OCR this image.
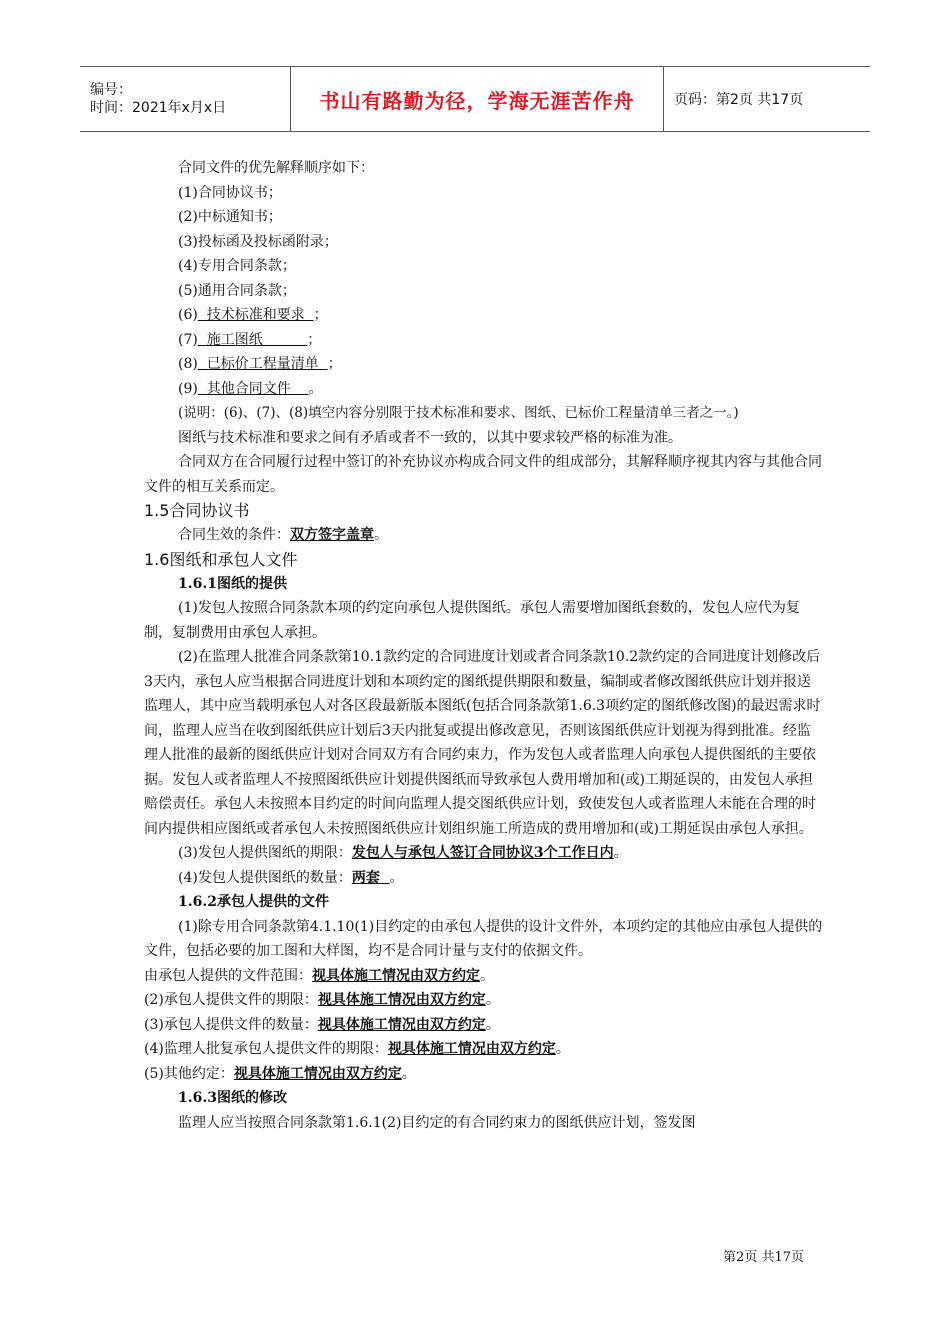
编号：
时间：2021年x月x日	书山有路勤为径，学海无涯苦作舟	页码：第2页 共17页

合同文件的优先解释顺序如下：

(1)合同协议书；

(2)中标通知书；

(3)投标函及投标函附录；

(4)专用合同条款；

(5)通用合同条款；

(6)  技术标准和要求  ；

(7)  施工图纸          ；

(8)  已标价工程量清单  ；

(9)  其他合同文件    。

(说明：(6)、(7)、(8)填空内容分别限于技术标准和要求、图纸、已标价工程量清单三者之一。)

图纸与技术标准和要求之间有矛盾或者不一致的，以其中要求较严格的标准为准。

合同双方在合同履行过程中签订的补充协议亦构成合同文件的组成部分，其解释顺序视其内容与其他合同文件的相互关系而定。

1.5合同协议书

合同生效的条件：双方签字盖章。

1.6图纸和承包人文件

1.6.1图纸的提供

(1)发包人按照合同条款本项的约定向承包人提供图纸。承包人需要增加图纸套数的，发包人应代为复制，复制费用由承包人承担。

(2)在监理人批准合同条款第10.1款约定的合同进度计划或者合同条款10.2款约定的合同进度计划修改后3天内，承包人应当根据合同进度计划和本项约定的图纸提供期限和数量，编制或者修改图纸供应计划并报送监理人，其中应当载明承包人对各区段最新版本图纸(包括合同条款第1.6.3项约定的图纸修改图)的最迟需求时间，监理人应当在收到图纸供应计划后3天内批复或提出修改意见，否则该图纸供应计划视为得到批准。经监理人批准的最新的图纸供应计划对合同双方有合同约束力，作为发包人或者监理人向承包人提供图纸的主要依据。发包人或者监理人不按照图纸供应计划提供图纸而导致承包人费用增加和(或)工期延误的，由发包人承担赔偿责任。承包人未按照本目约定的时间向监理人提交图纸供应计划，致使发包人或者监理人未能在合理的时间内提供相应图纸或者承包人未按照图纸供应计划组织施工所造成的费用增加和(或)工期延误由承包人承担。

(3)发包人提供图纸的期限：发包人与承包人签订合同协议3个工作日内。

(4)发包人提供图纸的数量：两套  。

1.6.2承包人提供的文件

(1)除专用合同条款第4.1.10(1)目约定的由承包人提供的设计文件外，本项约定的其他应由承包人提供的文件，包括必要的加工图和大样图，均不是合同计量与支付的依据文件。

由承包人提供的文件范围：视具体施工情况由双方约定。

(2)承包人提供文件的期限：视具体施工情况由双方约定。

(3)承包人提供文件的数量：视具体施工情况由双方约定。

(4)监理人批复承包人提供文件的期限：视具体施工情况由双方约定。

(5)其他约定：视具体施工情况由双方约定。

1.6.3图纸的修改

监理人应当按照合同条款第1.6.1(2)目约定的有合同约束力的图纸供应计划，签发图

第2页 共17页
